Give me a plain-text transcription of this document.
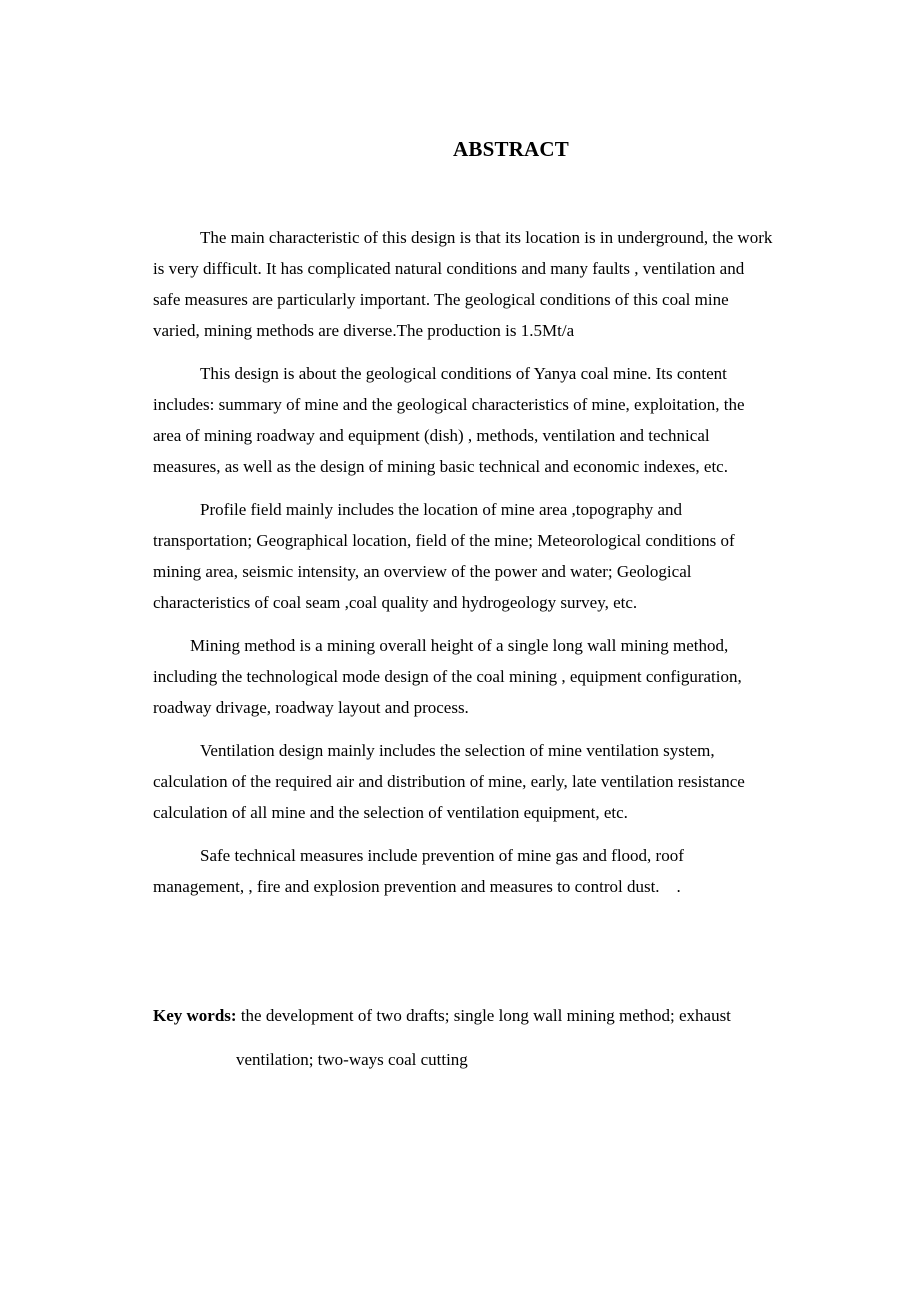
ABSTRACT
The main characteristic of this design is that its location is in underground, the work
is very difficult. It has complicated natural conditions and many faults , ventilation and
safe measures are particularly important. The geological conditions of this coal mine
varied, mining methods are diverse.The production is 1.5Mt/a
This design is about the geological conditions of Yanya coal mine. Its content
includes: summary of mine and the geological characteristics of mine, exploitation, the
area of mining roadway and equipment (dish) , methods, ventilation and technical
measures, as well as the design of mining basic technical and economic indexes, etc.
Profile field mainly includes the location of mine area ,topography and
transportation; Geographical location, field of the mine; Meteorological conditions of
mining area, seismic intensity, an overview of the power and water; Geological
characteristics of coal seam ,coal quality and hydrogeology survey, etc.
Mining method is a mining overall height of a single long wall mining method,
including the technological mode design of the coal mining , equipment configuration,
roadway drivage, roadway layout and process.
Ventilation design mainly includes the selection of mine ventilation system,
calculation of the required air and distribution of mine, early, late ventilation resistance
calculation of all mine and the selection of ventilation equipment, etc.
Safe technical measures include prevention of mine gas and flood, roof
management, , fire and explosion prevention and measures to control dust.    .
Key words: the development of two drafts; single long wall mining method; exhaust
ventilation; two-ways coal cutting
